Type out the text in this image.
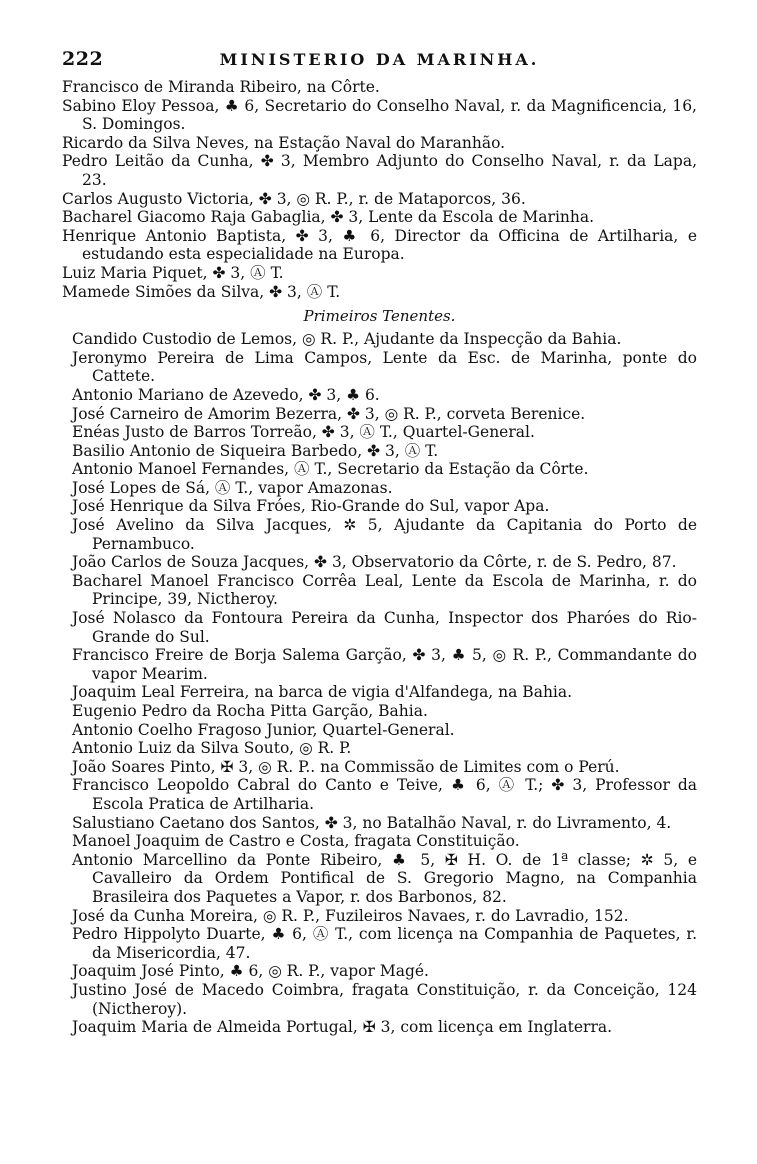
222	MINISTERIO DA MARINHA.
Francisco de Miranda Ribeiro, na Côrte.
Sabino Eloy Pessoa, ♣ 6, Secretario do Conselho Naval, r. da Magnificencia, 16, S. Domingos.
Ricardo da Silva Neves, na Estação Naval do Maranhão.
Pedro Leitão da Cunha, ✤ 3, Membro Adjunto do Conselho Naval, r. da Lapa, 23.
Carlos Augusto Victoria, ✤ 3, ◎ R. P., r. de Mataporcos, 36.
Bacharel Giacomo Raja Gabaglia, ✤ 3, Lente da Escola de Marinha.
Henrique Antonio Baptista, ✤ 3, ♣ 6, Director da Officina de Artilharia, e estudando esta especialidade na Europa.
Luiz Maria Piquet, ✤ 3, Ⓐ T.
Mamede Simões da Silva, ✤ 3, Ⓐ T.
Primeiros Tenentes.
Candido Custodio de Lemos, ◎ R. P., Ajudante da Inspecção da Bahia.
Jeronymo Pereira de Lima Campos, Lente da Esc. de Marinha, ponte do Cattete.
Antonio Mariano de Azevedo, ✤ 3, ♣ 6.
José Carneiro de Amorim Bezerra, ✤ 3, ◎ R. P., corveta Berenice.
Enéas Justo de Barros Torreão, ✤ 3, Ⓐ T., Quartel-General.
Basilio Antonio de Siqueira Barbedo, ✤ 3, Ⓐ T.
Antonio Manoel Fernandes, Ⓐ T., Secretario da Estação da Côrte.
José Lopes de Sá, Ⓐ T., vapor Amazonas.
José Henrique da Silva Fróes, Rio-Grande do Sul, vapor Apa.
José Avelino da Silva Jacques, ✲ 5, Ajudante da Capitania do Porto de Pernambuco.
João Carlos de Souza Jacques, ✤ 3, Observatorio da Côrte, r. de S. Pedro, 87.
Bacharel Manoel Francisco Corrêa Leal, Lente da Escola de Marinha, r. do Principe, 39, Nictheroy.
José Nolasco da Fontoura Pereira da Cunha, Inspector dos Pharóes do Rio-Grande do Sul.
Francisco Freire de Borja Salema Garção, ✤ 3, ♣ 5, ◎ R. P., Commandante do vapor Mearim.
Joaquim Leal Ferreira, na barca de vigia d'Alfandega, na Bahia.
Eugenio Pedro da Rocha Pitta Garção, Bahia.
Antonio Coelho Fragoso Junior, Quartel-General.
Antonio Luiz da Silva Souto, ◎ R. P.
João Soares Pinto, ✠ 3, ◎ R. P.. na Commissão de Limites com o Perú.
Francisco Leopoldo Cabral do Canto e Teive, ♣ 6, Ⓐ T.; ✤ 3, Professor da Escola Pratica de Artilharia.
Salustiano Caetano dos Santos, ✤ 3, no Batalhão Naval, r. do Livramento, 4.
Manoel Joaquim de Castro e Costa, fragata Constituição.
Antonio Marcellino da Ponte Ribeiro, ♣ 5, ✠ H. O. de 1ª classe; ✲ 5, e Cavalleiro da Ordem Pontifical de S. Gregorio Magno, na Companhia Brasileira dos Paquetes a Vapor, r. dos Barbonos, 82.
José da Cunha Moreira, ◎ R. P., Fuzileiros Navaes, r. do Lavradio, 152.
Pedro Hippolyto Duarte, ♣ 6, Ⓐ T., com licença na Companhia de Paquetes, r. da Misericordia, 47.
Joaquim José Pinto, ♣ 6, ◎ R. P., vapor Magé.
Justino José de Macedo Coimbra, fragata Constituição, r. da Conceição, 124 (Nictheroy).
Joaquim Maria de Almeida Portugal, ✠ 3, com licença em Inglaterra.
